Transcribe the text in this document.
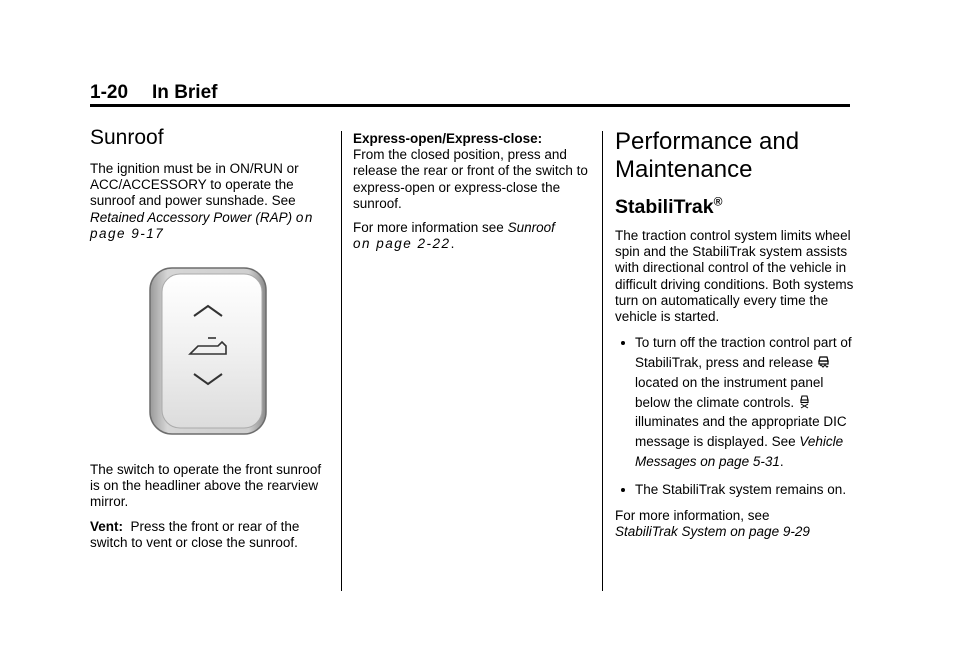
1-20 In Brief
Sunroof

The ignition must be in ON/RUN or ACC/ACCESSORY to operate the sunroof and power sunshade. See Retained Accessory Power (RAP) on page 9-17

The switch to operate the front sunroof is on the headliner above the rearview mirror.

Vent: Press the front or rear of the switch to vent or close the sunroof.

Express-open/Express-close:
From the closed position, press and release the rear or front of the switch to express-open or express-close the sunroof.

For more information see Sunroof
on page 2-22.

Performance and Maintenance
StabiliTrak®

The traction control system limits wheel spin and the StabiliTrak system assists with directional control of the vehicle in difficult driving conditions. Both systems turn on automatically every time the vehicle is started.

To turn off the traction control part of StabiliTrak, press and release  located on the instrument panel below the climate controls.  illuminates and the appropriate DIC message is displayed. See Vehicle Messages on page 5-31.
The StabiliTrak system remains on.

For more information, see
StabiliTrak System on page 9-29
